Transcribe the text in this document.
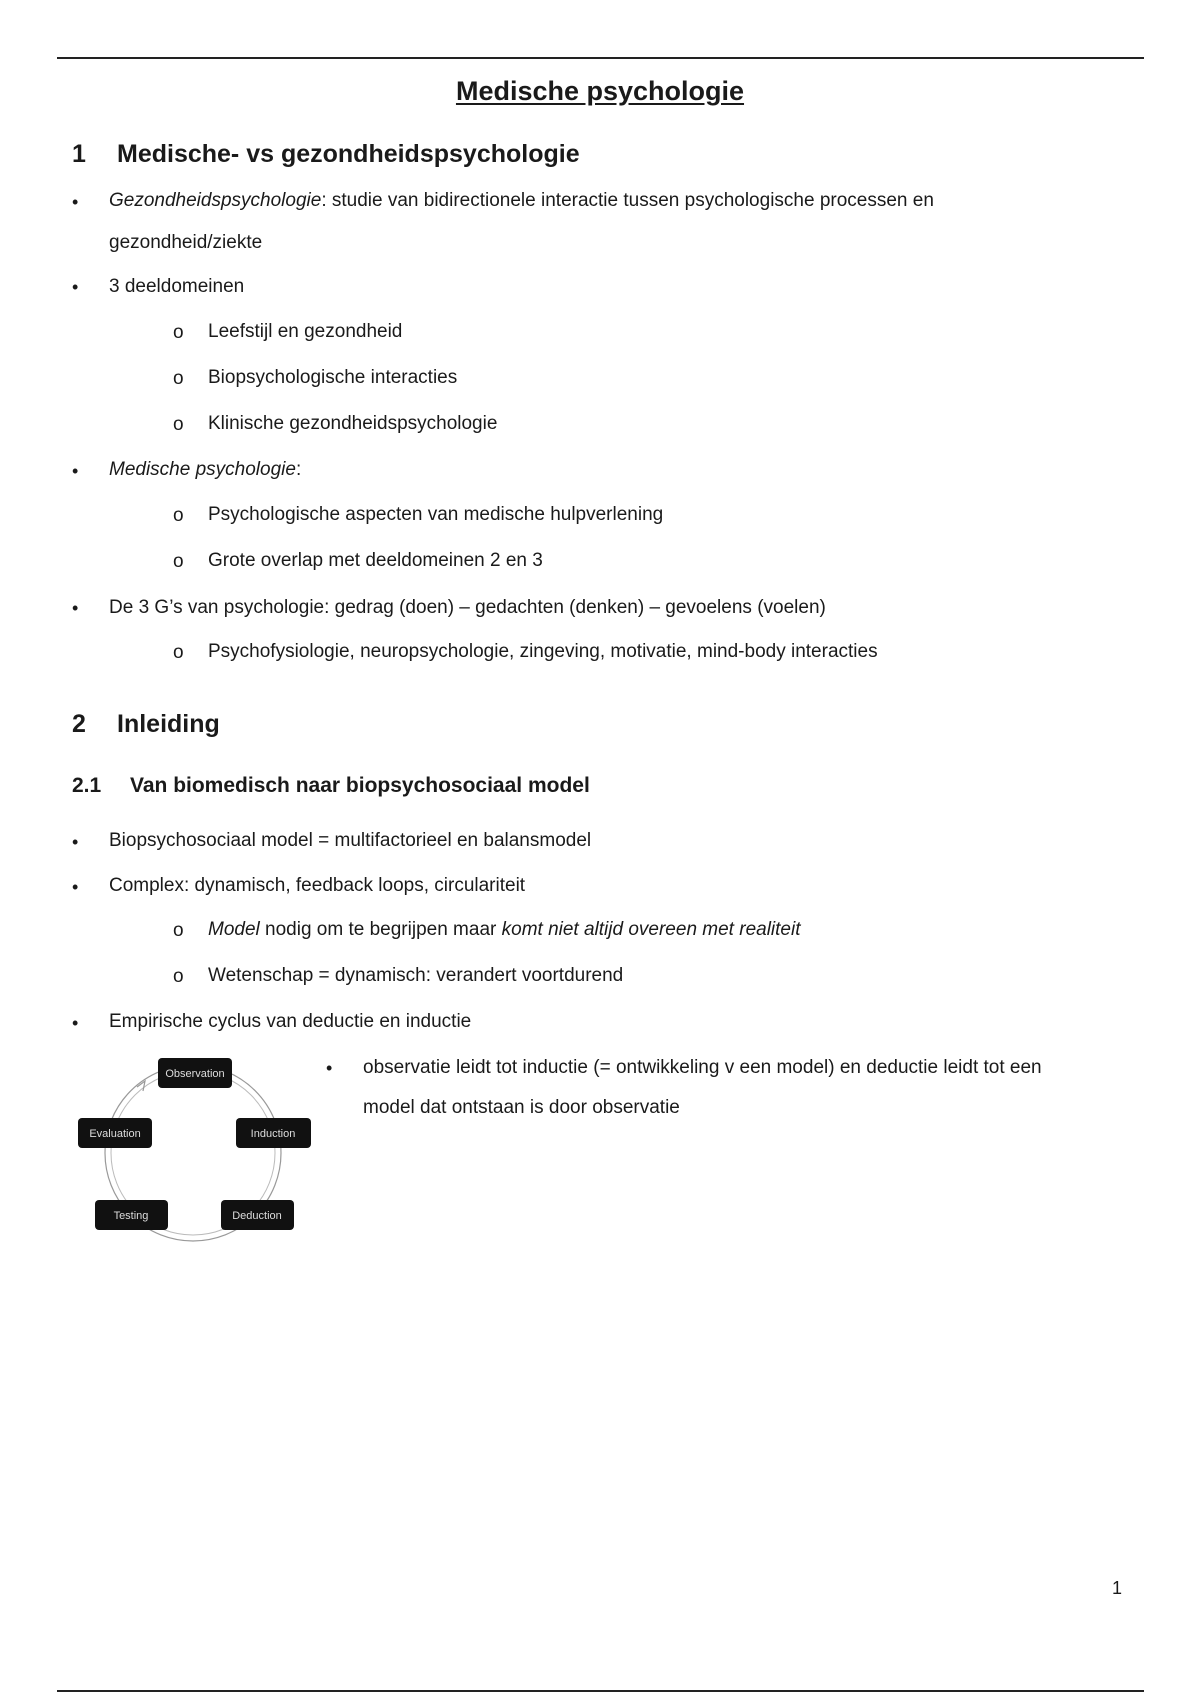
Medische psychologie
1 Medische- vs gezondheidspsychologie
• Gezondheidspsychologie: studie van bidirectionele interactie tussen psychologische processen en
gezondheid/ziekte
• 3 deeldomeinen
o Leefstijl en gezondheid
o Biopsychologische interacties
o Klinische gezondheidspsychologie
• Medische psychologie:
o Psychologische aspecten van medische hulpverlening
o Grote overlap met deeldomeinen 2 en 3
• De 3 G’s van psychologie: gedrag (doen) – gedachten (denken) – gevoelens (voelen)
o Psychofysiologie, neuropsychologie, zingeving, motivatie, mind-body interacties
2 Inleiding
2.1 Van biomedisch naar biopsychosociaal model
• Biopsychosociaal model = multifactorieel en balansmodel
• Complex: dynamisch, feedback loops, circulariteit
o Model nodig om te begrijpen maar komt niet altijd overeen met realiteit
o Wetenschap = dynamisch: verandert voortdurend
• Empirische cyclus van deductie en inductie
Observation
Induction
Deduction
Testing
Evaluation
• observatie leidt tot inductie (= ontwikkeling v een model) en deductie leidt tot een
model dat ontstaan is door observatie
1
